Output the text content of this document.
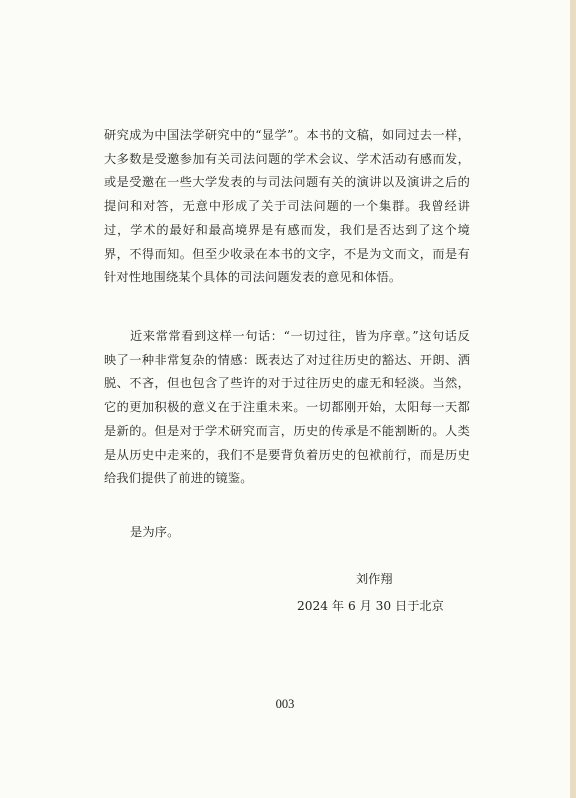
研究成为中国法学研究中的“显学”。本书的文稿，如同过去一样，大多数是受邀参加有关司法问题的学术会议、学术活动有感而发，或是受邀在一些大学发表的与司法问题有关的演讲以及演讲之后的提问和对答，无意中形成了关于司法问题的一个集群。我曾经讲过，学术的最好和最高境界是有感而发，我们是否达到了这个境界，不得而知。但至少收录在本书的文字，不是为文而文，而是有针对性地围绕某个具体的司法问题发表的意见和体悟。

近来常常看到这样一句话：“一切过往，皆为序章。”这句话反映了一种非常复杂的情感：既表达了对过往历史的豁达、开朗、洒脱、不吝，但也包含了些许的对于过往历史的虚无和轻淡。当然，它的更加积极的意义在于注重未来。一切都刚开始，太阳每一天都是新的。但是对于学术研究而言，历史的传承是不能割断的。人类是从历史中走来的，我们不是要背负着历史的包袱前行，而是历史给我们提供了前进的镜鉴。

是为序。

刘作翔
2024 年 6 月 30 日于北京
003
